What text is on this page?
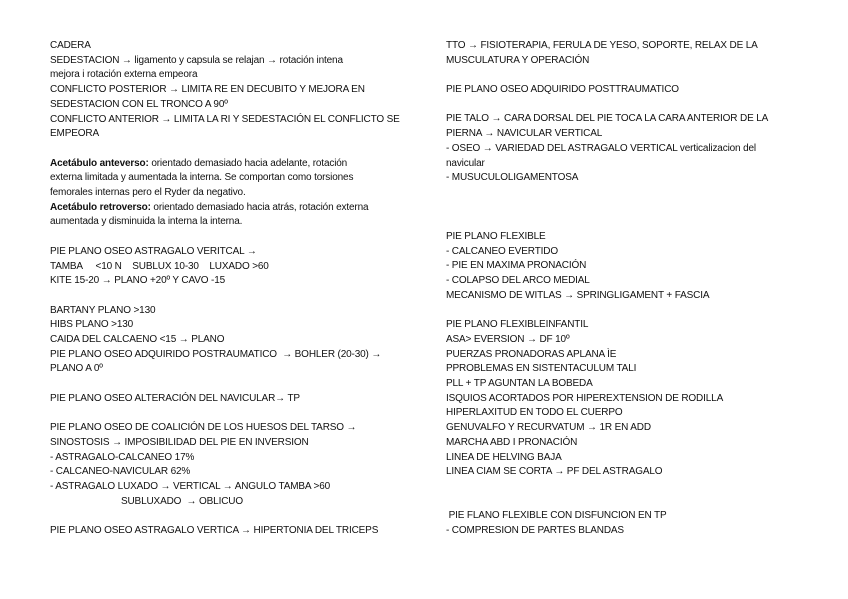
CADERA
SEDESTACION → ligamento y capsula se relajan → rotación intena
mejora i rotación externa empeora
CONFLICTO POSTERIOR → LIMITA RE EN DECUBITO Y MEJORA EN
SEDESTACION CON EL TRONCO A 90º
CONFLICTO ANTERIOR → LIMITA LA RI Y SEDESTACIÓN EL CONFLICTO SE
EMPEORA
Acetábulo anteverso: orientado demasiado hacia adelante, rotación
externa limitada y aumentada la interna. Se comportan como torsiones
femorales internas pero el Ryder da negativo.
Acetábulo retroverso: orientado demasiado hacia atrás, rotación externa
aumentada y disminuida la interna la interna.
PIE PLANO OSEO ASTRAGALO VERITCAL →
TAMBA     <10 N    SUBLUX 10-30    LUXADO >60
KITE 15-20 → PLANO +20º Y CAVO -15
BARTANY PLANO >130
HIBS PLANO >130
CAIDA DEL CALCAENO <15 → PLANO
PIE PLANO OSEO ADQUIRIDO POSTRAUMATICO  → BOHLER (20-30) →
PLANO A 0º
PIE PLANO OSEO ALTERACIÓN DEL NAVICULAR→ TP
PIE PLANO OSEO DE COALICIÓN DE LOS HUESOS DEL TARSO →
SINOSTOSIS → IMPOSIBILIDAD DEL PIE EN INVERSION
- ASTRAGALO-CALCANEO 17%
- CALCANEO-NAVICULAR 62%
- ASTRAGALO LUXADO → VERTICAL → ANGULO TAMBA >60
SUBLUXADO  → OBLICUO
PIE PLANO OSEO ASTRAGALO VERTICA → HIPERTONIA DEL TRICEPS
TTO → FISIOTERAPIA, FERULA DE YESO, SOPORTE, RELAX DE LA
MUSCULATURA Y OPERACIÓN
PIE PLANO OSEO ADQUIRIDO POSTTRAUMATICO
PIE TALO → CARA DORSAL DEL PIE TOCA LA CARA ANTERIOR DE LA
PIERNA → NAVICULAR VERTICAL
- OSEO → VARIEDAD DEL ASTRAGALO VERTICAL verticalizacion del
navicular
- MUSUCULOLIGAMENTOSA
PIE PLANO FLEXIBLE
- CALCANEO EVERTIDO
- PIE EN MAXIMA PRONACIÓN
- COLAPSO DEL ARCO MEDIAL
MECANISMO DE WITLAS → SPRINGLIGAMENT + FASCIA
PIE PLANO FLEXIBLEINFANTIL
ASA> EVERSION → DF 10º
PUERZAS PRONADORAS APLANA ÌE
PPROBLEMAS EN SISTENTACULUM TALI
PLL + TP AGUNTAN LA BOBEDA
ISQUIOS ACORTADOS POR HIPEREXTENSION DE RODILLA
HIPERLAXITUD EN TODO EL CUERPO
GENUVALFO Y RECURVATUM → 1R EN ADD
MARCHA ABD I PRONACIÓN
LINEA DE HELVING BAJA
LINEA CIAM SE CORTA → PF DEL ASTRAGALO
PIE FLANO FLEXIBLE CON DISFUNCION EN TP
- COMPRESION DE PARTES BLANDAS
